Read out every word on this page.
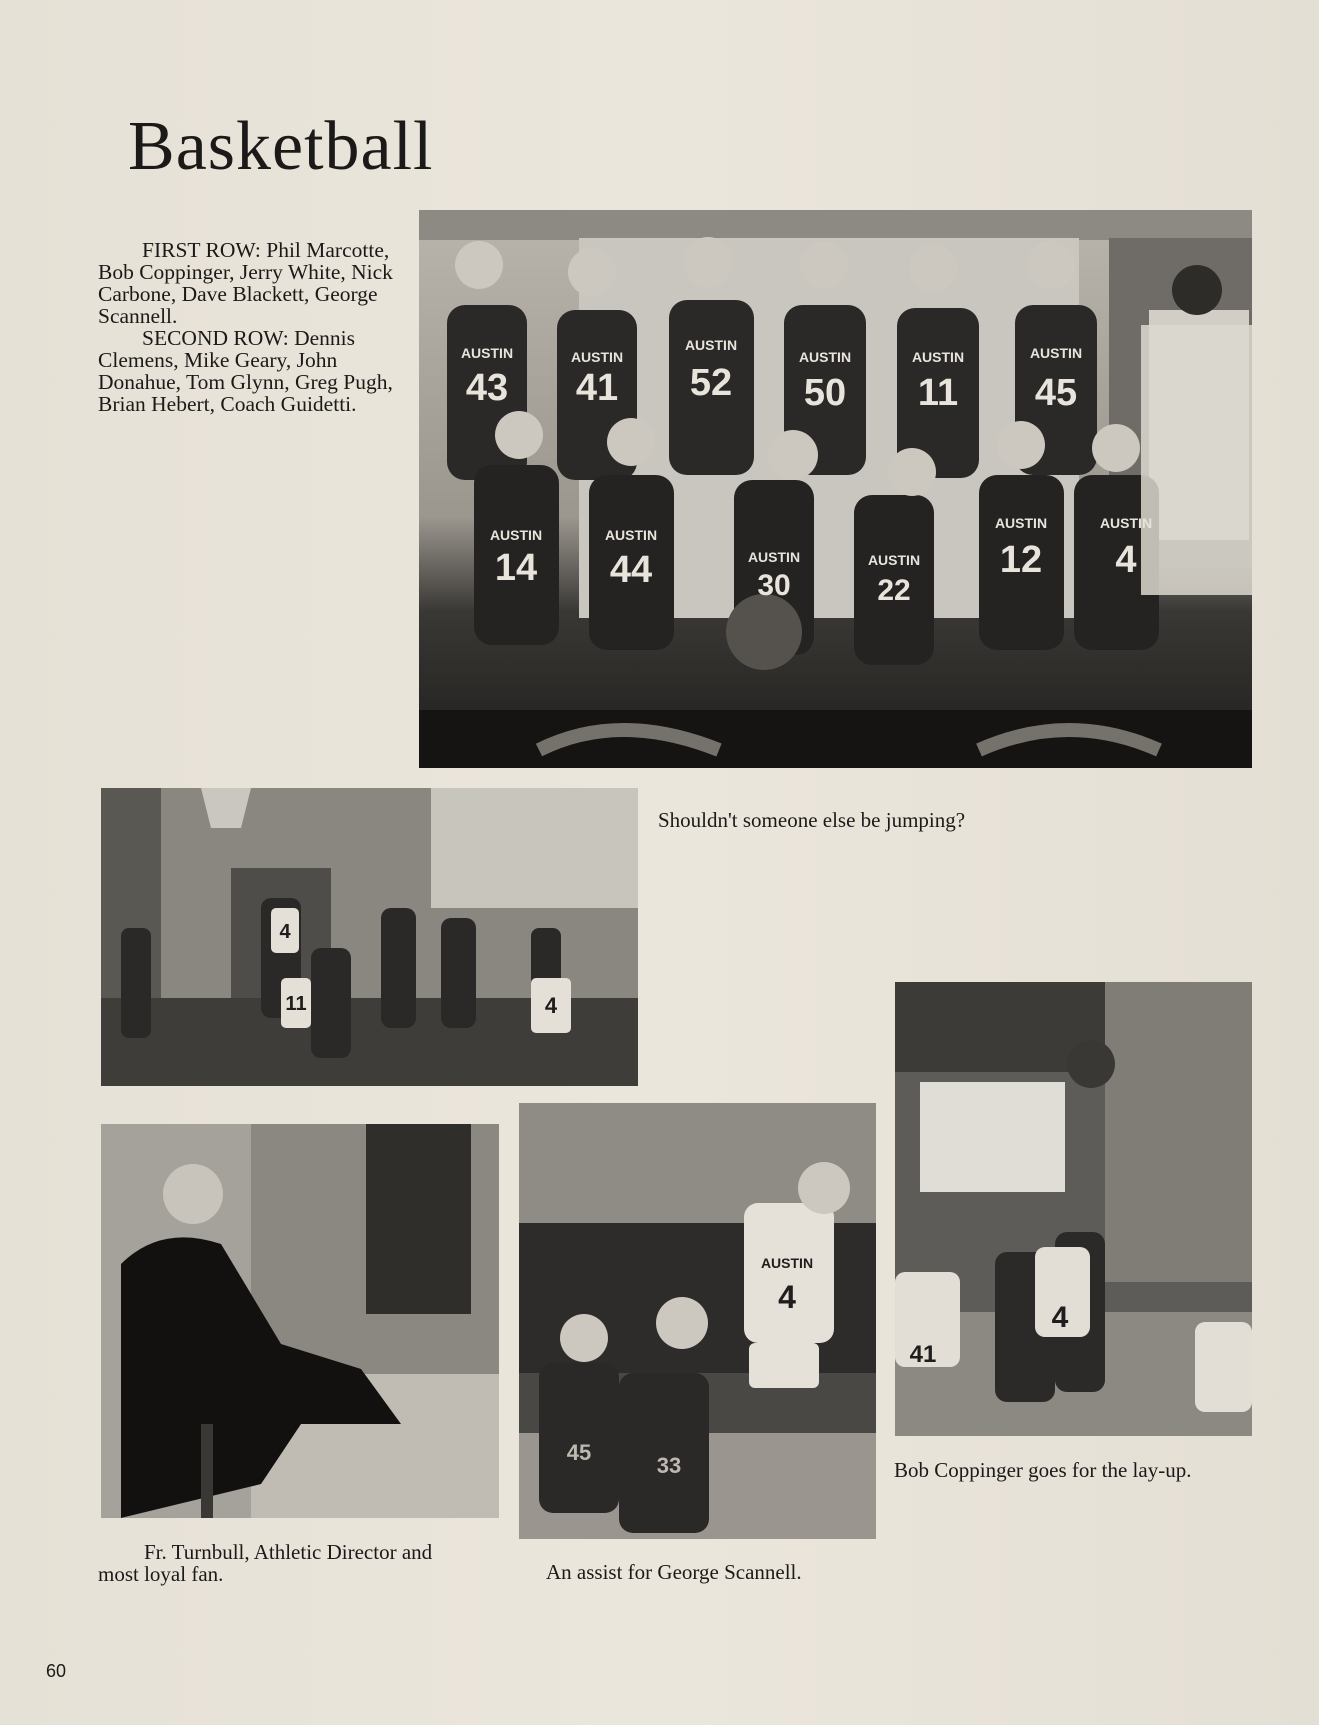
Basketball

FIRST ROW: Phil Marcotte, Bob Coppinger, Jerry White, Nick Carbone, Dave Blackett, George Scannell.

SECOND ROW: Dennis Clemens, Mike Geary, John Donahue, Tom Glynn, Greg Pugh, Brian Hebert, Coach Guidetti.

AUSTIN
43
AUSTIN
41
AUSTIN
52
AUSTIN
50
AUSTIN
11
AUSTIN
45
AUSTIN
14
AUSTIN
44	AUSTIN
30
AUSTIN
22
AUSTIN
12
AUSTIN
4
4
11	4
Shouldn't someone else be jumping?
41
4
Bob Coppinger goes for the lay-up.
Fr. Turnbull, Athletic Director and most loyal fan.
AUSTIN
4
45
33
An assist for George Scannell.
60
